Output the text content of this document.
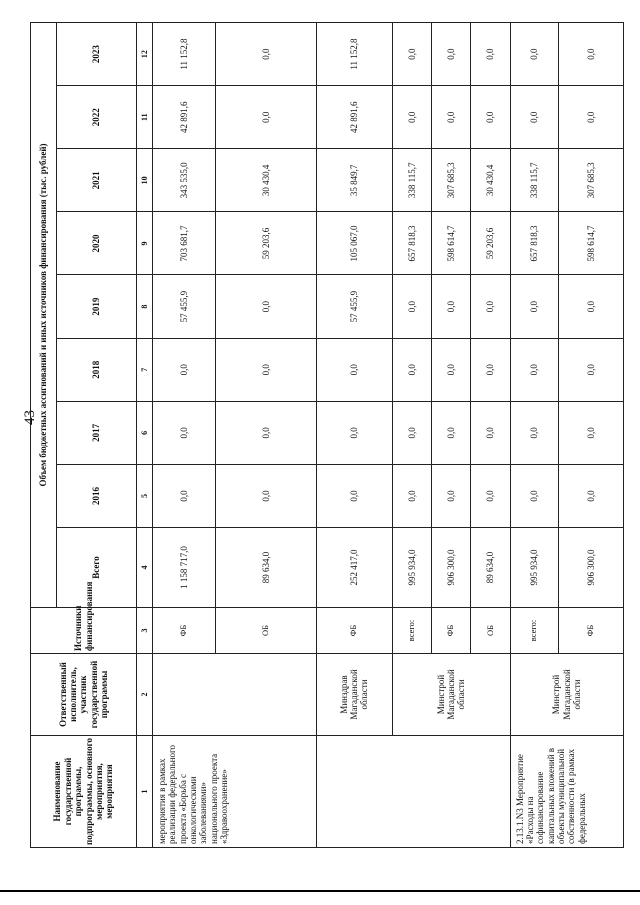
43
Наименование государственной программы, подпрограммы, основного мероприятия, мероприятия	Ответственный исполнитель, участник государственной программы	Источники финансирования	Объем бюджетных ассигнований и иных источников финансирования (тыс. рублей)								
			Всего	2016	2017	2018	2019	2020	2021	2022	2023
1	2	3	4	5	6	7	8	9	10	11	12
мероприятия в рамках реализации федерального проекта «Борьба с онкологическими заболеваниями» национального проекта «Здравоохранение»		ФБ	1 158 717,0	0,0	0,0	0,0	57 455,9	703 681,7	343 535,0	42 891,6	11 152,8
		ОБ	89 634,0	0,0	0,0	0,0	0,0	59 203,6	30 430,4	0,0	0,0
	Минздрав Магаданской области	ФБ	252 417,0	0,0	0,0	0,0	57 455,9	105 067,0	35 849,7	42 891,6	11 152,8
	Минстрой Магаданской области	всего:	995 934,0	0,0	0,0	0,0	0,0	657 818,3	338 115,7	0,0	0,0
		ФБ	906 300,0	0,0	0,0	0,0	0,0	598 614,7	307 685,3	0,0	0,0
		ОБ	89 634,0	0,0	0,0	0,0	0,0	59 203,6	30 430,4	0,0	0,0
2.13.1.N3 Мероприятие «Расходы на софинансирование капитальных вложений в объекты муниципальной собственности (в рамках федеральных	Минстрой Магаданской области	всего:	995 934,0	0,0	0,0	0,0	0,0	657 818,3	338 115,7	0,0	0,0
		ФБ	906 300,0	0,0	0,0	0,0	0,0	598 614,7	307 685,3	0,0	0,0
